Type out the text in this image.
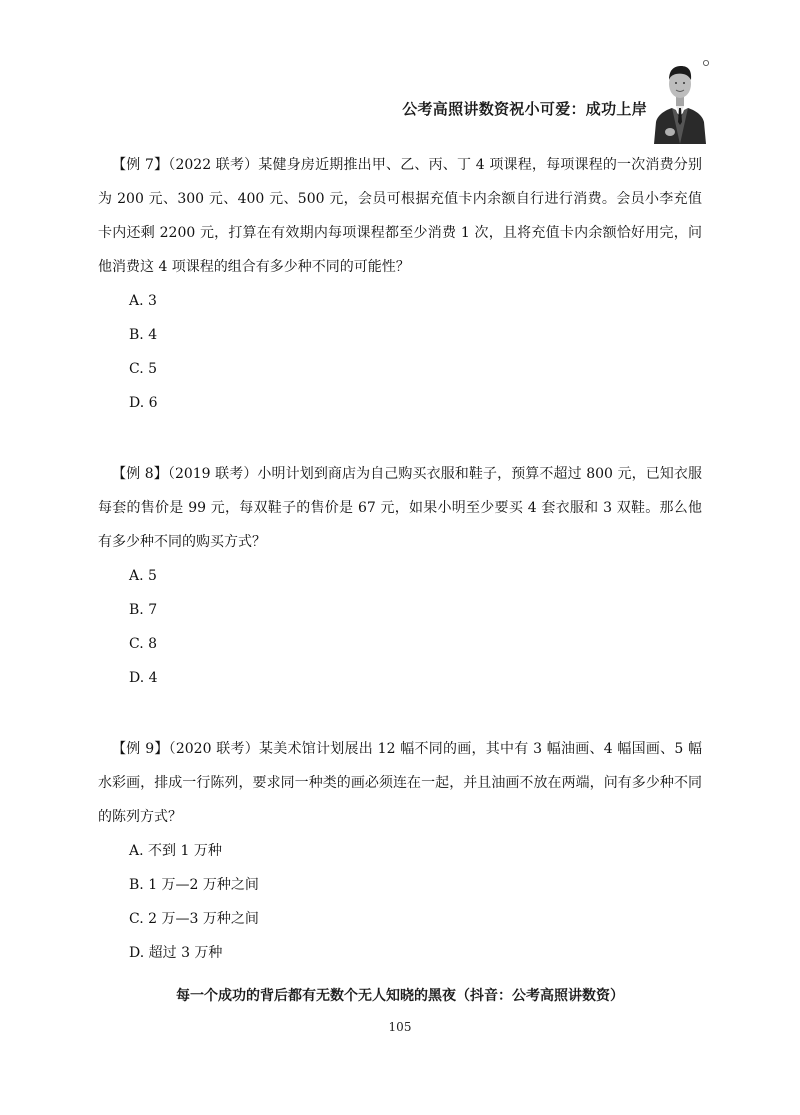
公考高照讲数资祝小可爱：成功上岸

【例 7】（2022 联考）某健身房近期推出甲、乙、丙、丁 4 项课程，每项课程的一次消费分别为 200 元、300 元、400 元、500 元，会员可根据充值卡内余额自行进行消费。会员小李充值卡内还剩 2200 元，打算在有效期内每项课程都至少消费 1 次，且将充值卡内余额恰好用完，问他消费这 4 项课程的组合有多少种不同的可能性？

A. 3
B. 4
C. 5
D. 6

【例 8】（2019 联考）小明计划到商店为自己购买衣服和鞋子，预算不超过 800 元，已知衣服每套的售价是 99 元，每双鞋子的售价是 67 元，如果小明至少要买 4 套衣服和 3 双鞋。那么他有多少种不同的购买方式？

A. 5
B. 7
C. 8
D. 4

【例 9】（2020 联考）某美术馆计划展出 12 幅不同的画，其中有 3 幅油画、4 幅国画、5 幅水彩画，排成一行陈列，要求同一种类的画必须连在一起，并且油画不放在两端，问有多少种不同的陈列方式？

A. 不到 1 万种
B. 1 万—2 万种之间
C. 2 万—3 万种之间
D. 超过 3 万种
每一个成功的背后都有无数个无人知晓的黑夜（抖音：公考高照讲数资）
105
